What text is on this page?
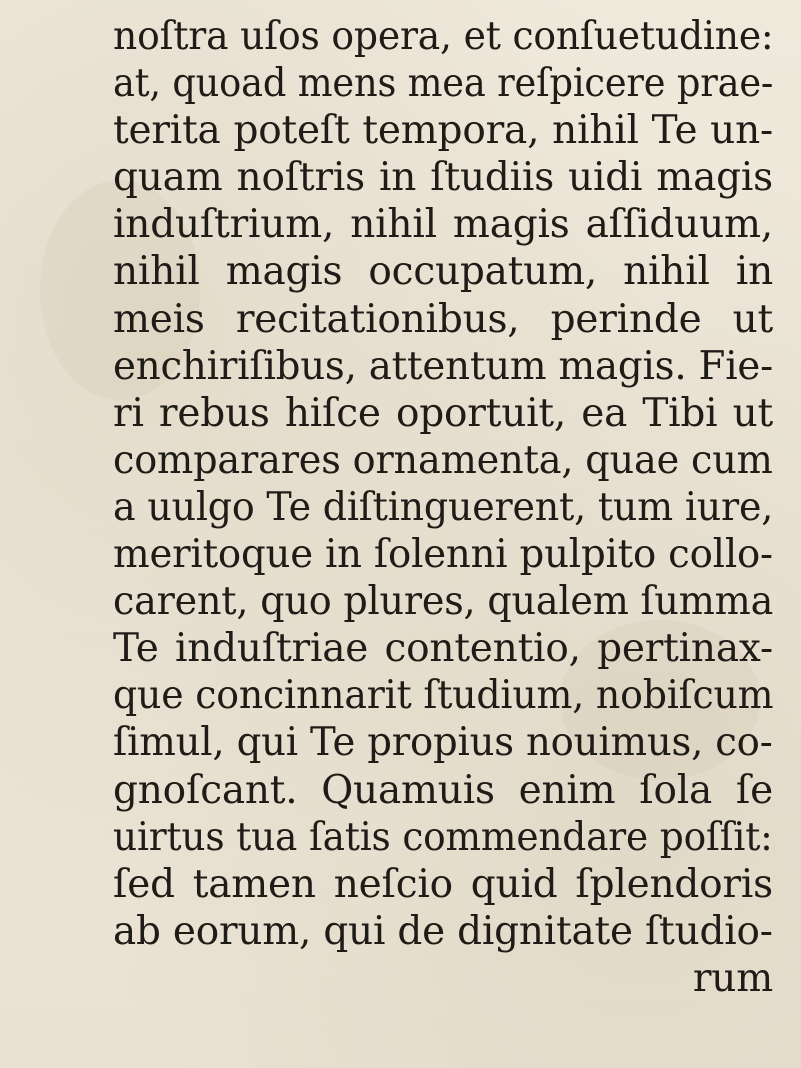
noſtra uſos opera, et conſuetudine:
at, quoad mens mea reſpicere prae-
terita poteſt tempora, nihil Te un-
quam noſtris in ſtudiis uidi magis
induſtrium, nihil magis aſſiduum,
nihil magis occupatum, nihil in
meis recitationibus, perinde ut
enchiriſibus, attentum magis. Fie-
ri rebus hiſce oportuit, ea Tibi ut
comparares ornamenta, quae cum
a uulgo Te diſtinguerent, tum iure,
meritoque in ſolenni pulpito collo-
carent, quo plures, qualem ſumma
Te induſtriae contentio, pertinax-
que concinnarit ſtudium, nobiſcum
ſimul, qui Te propius nouimus, co-
gnoſcant. Quamuis enim ſola ſe
uirtus tua ſatis commendare poſſit:
ſed tamen neſcio quid ſplendoris
ab eorum, qui de dignitate ſtudio-
rum
